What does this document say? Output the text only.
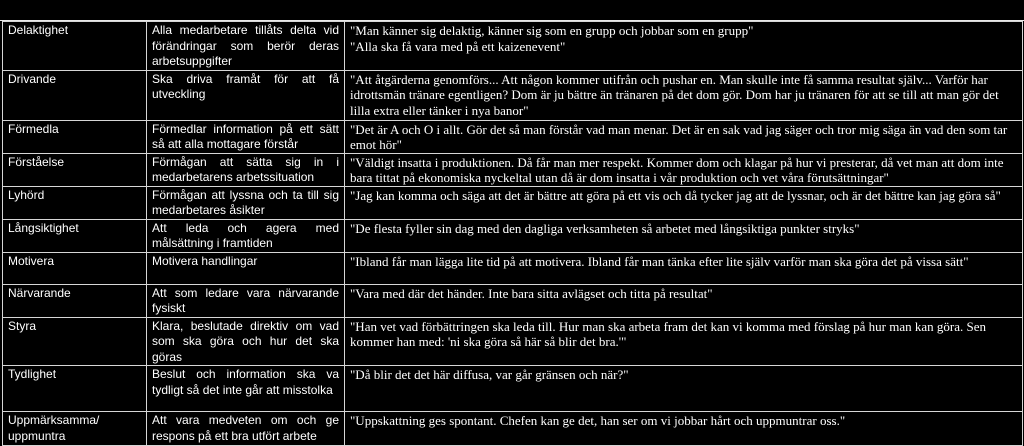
Delaktighet	Alla medarbetare tillåts delta vid förändringar som berör deras arbetsuppgifter	"Man känner sig delaktig, känner sig som en grupp och jobbar som en grupp"
"Alla ska få vara med på ett kaizenevent"
Drivande	Ska driva framåt för att få utveckling	"Att åtgärderna genomförs... Att någon kommer utifrån och pushar en. Man skulle inte få samma resultat själv... Varför har idrottsmän tränare egentligen? Dom är ju bättre än tränaren på det dom gör. Dom har ju tränaren för att se till att man gör det lilla extra eller tänker i nya banor"
Förmedla	Förmedlar information på ett sätt så att alla mottagare förstår	"Det är A och O i allt. Gör det så man förstår vad man menar. Det är en sak vad jag säger och tror mig säga än vad den som tar emot hör"
Förståelse	Förmågan att sätta sig in i medarbetarens arbetssituation	"Väldigt insatta i produktionen. Då får man mer respekt. Kommer dom och klagar på hur vi presterar, då vet man att dom inte bara tittat på ekonomiska nyckeltal utan då är dom insatta i vår produktion och vet våra förutsättningar"
Lyhörd	Förmågan att lyssna och ta till sig medarbetares åsikter	"Jag kan komma och säga att det är bättre att göra på ett vis och då tycker jag att de lyssnar, och är det bättre kan jag göra så"
Långsiktighet	Att leda och agera med målsättning i framtiden	"De flesta fyller sin dag med den dagliga verksamheten så arbetet med långsiktiga punkter stryks"
Motivera	Motivera handlingar	"Ibland får man lägga lite tid på att motivera. Ibland får man tänka efter lite själv varför man ska göra det på vissa sätt"
Närvarande	Att som ledare vara närvarande fysiskt	"Vara med där det händer. Inte bara sitta avlägset och titta på resultat"
Styra	Klara, beslutade direktiv om vad som ska göra och hur det ska göras	"Han vet vad förbättringen ska leda till. Hur man ska arbeta fram det kan vi komma med förslag på hur man kan göra. Sen kommer han med: 'ni ska göra så här så blir det bra.'"
Tydlighet	Beslut och information ska va tydligt så det inte går att misstolka	"Då blir det det här diffusa, var går gränsen och när?"
Uppmärksamma/ uppmuntra	Att vara medveten om och ge respons på ett bra utfört arbete	"Uppskattning ges spontant. Chefen kan ge det, han ser om vi jobbar hårt och uppmuntrar oss."
